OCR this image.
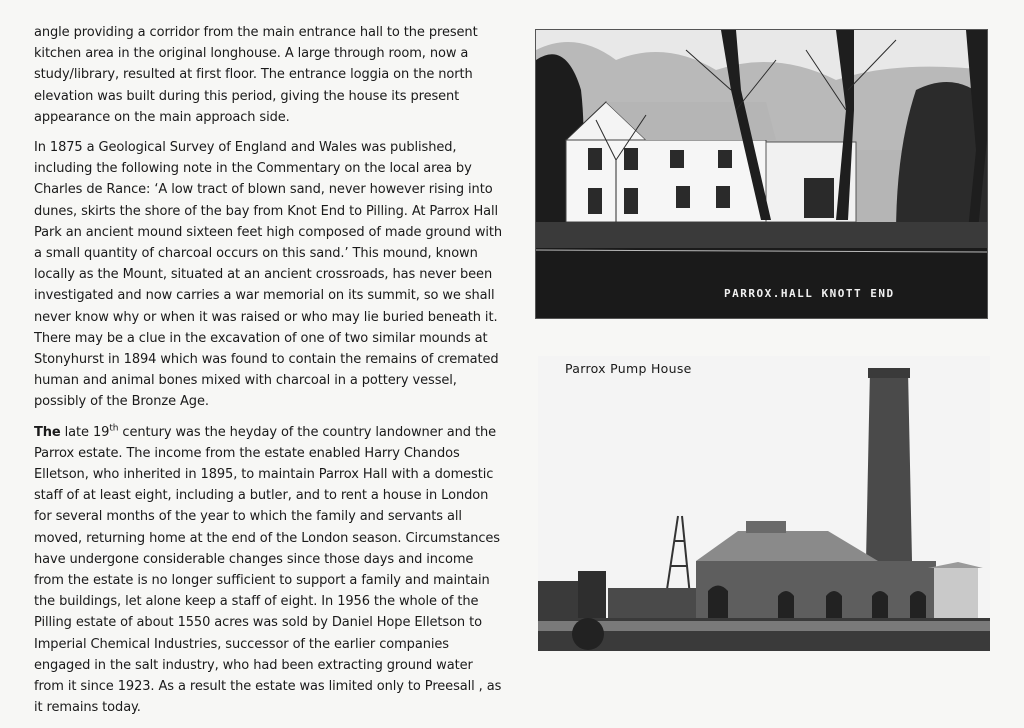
angle providing a corridor from the main entrance hall to the present kitchen area in the original longhouse. A large through room, now a study/library, resulted at first floor. The entrance loggia on the north elevation was built during this period, giving the house its present appearance on the main approach side.

In 1875 a Geological Survey of England and Wales was published, including the following note in the Commentary on the local area by Charles de Rance: ‘A low tract of blown sand, never however rising into dunes, skirts the shore of the bay from Knot End to Pilling. At Parrox Hall Park an ancient mound sixteen feet high composed of made ground with a small quantity of charcoal occurs on this sand.’ This mound, known locally as the Mount, situated at an ancient crossroads, has never been investigated and now carries a war memorial on its summit, so we shall never know why or when it was raised or who may lie buried beneath it. There may be a clue in the excavation of one of two similar mounds at Stonyhurst in 1894 which was found to contain the remains of cremated human and animal bones mixed with charcoal in a pottery vessel, possibly of the Bronze Age.

The late 19th century was the heyday of the country landowner and the Parrox estate. The income from the estate enabled Harry Chandos Elletson, who inherited in 1895, to maintain Parrox Hall with a domestic staff of at least eight, including a butler, and to rent a house in London for several months of the year to which the family and servants all moved, returning home at the end of the London season. Circumstances have undergone considerable changes since those days and income from the estate is no longer sufficient to support a family and maintain the buildings, let alone keep a staff of eight. In 1956 the whole of the Pilling estate of about 1550 acres was sold by Daniel Hope Elletson to Imperial Chemical Industries, successor of the earlier companies engaged in the salt industry, who had been extracting ground water from it since 1923. As a result the estate was limited only to Preesall , as it remains today.

PARROX.HALL KNOTT END
Parrox Pump House
